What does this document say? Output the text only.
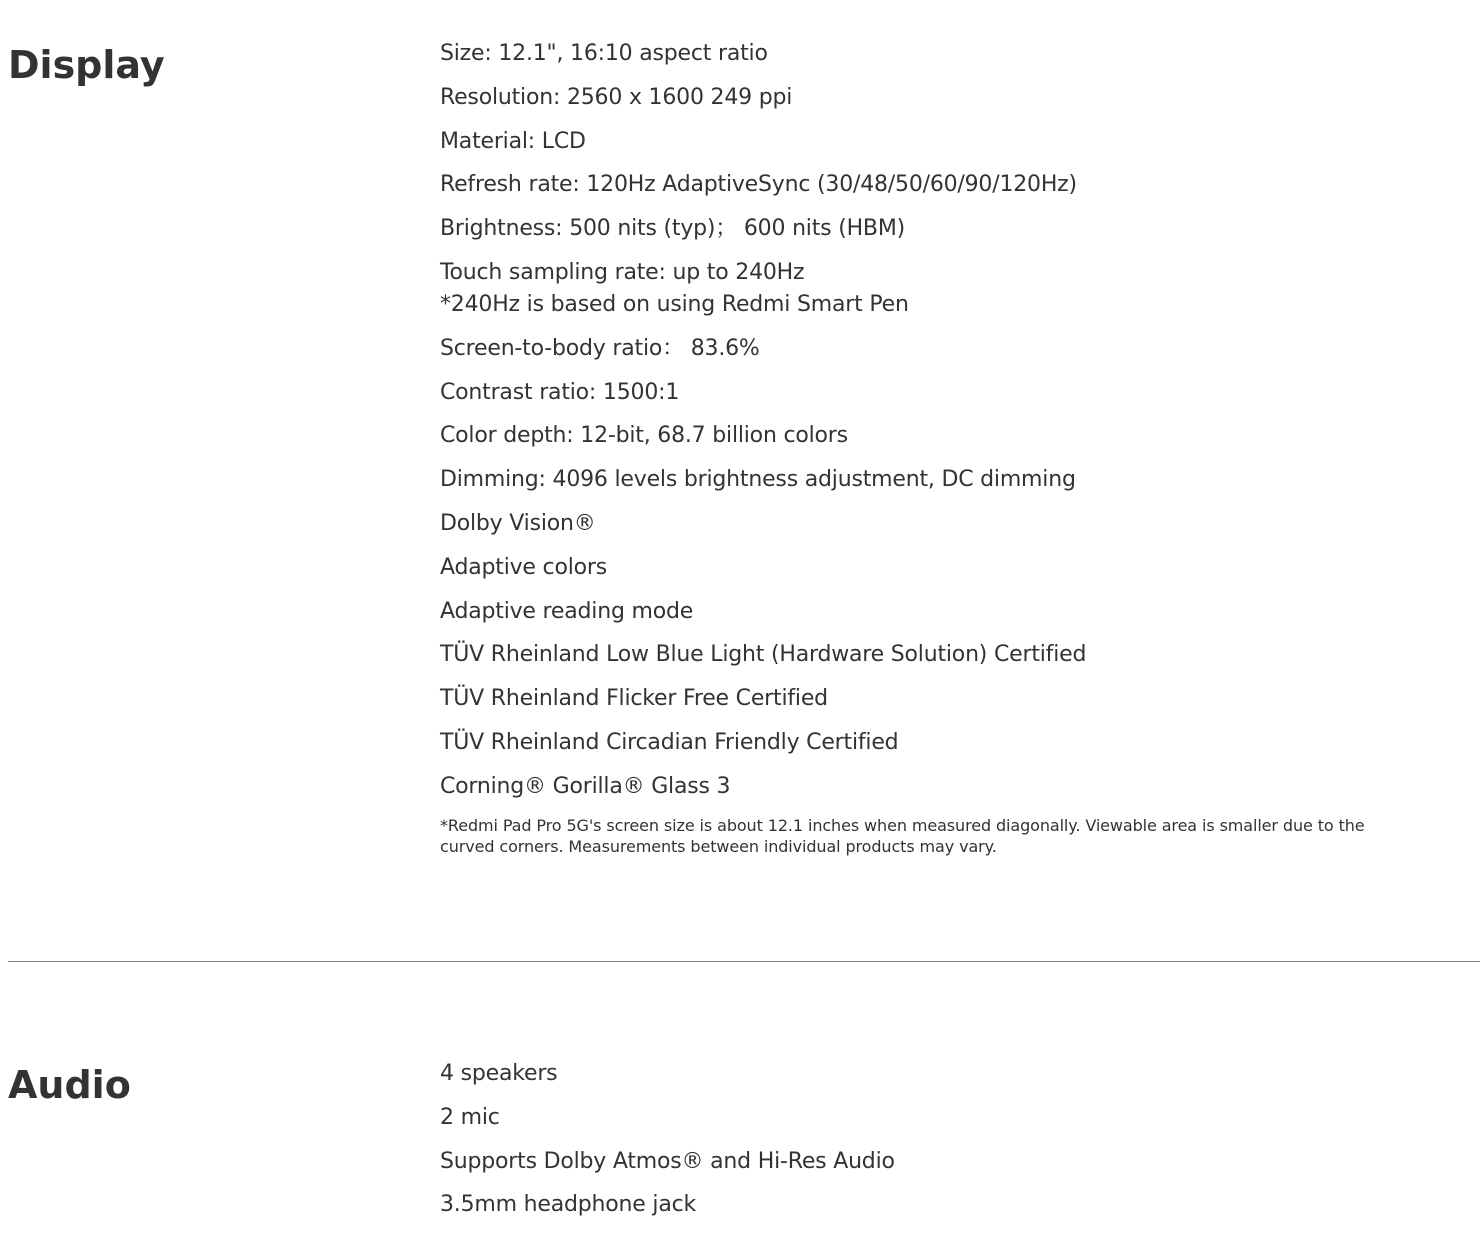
Display	Size: 12.1", 16:10 aspect ratio
Resolution: 2560 x 1600 249 ppi
Material: LCD
Refresh rate: 120Hz AdaptiveSync (30/48/50/60/90/120Hz)
Brightness: 500 nits (typ)； 600 nits (HBM)
Touch sampling rate: up to 240Hz
*240Hz is based on using Redmi Smart Pen
Screen-to-body ratio： 83.6%
Contrast ratio: 1500:1
Color depth: 12-bit, 68.7 billion colors
Dimming: 4096 levels brightness adjustment, DC dimming
Dolby Vision®
Adaptive colors
Adaptive reading mode
TÜV Rheinland Low Blue Light (Hardware Solution) Certified
TÜV Rheinland Flicker Free Certified
TÜV Rheinland Circadian Friendly Certified
Corning® Gorilla® Glass 3
*Redmi Pad Pro 5G's screen size is about 12.1 inches when measured diagonally. Viewable area is smaller due to the curved corners. Measurements between individual products may vary.
Audio	4 speakers
2 mic
Supports Dolby Atmos® and Hi-Res Audio
3.5mm headphone jack
